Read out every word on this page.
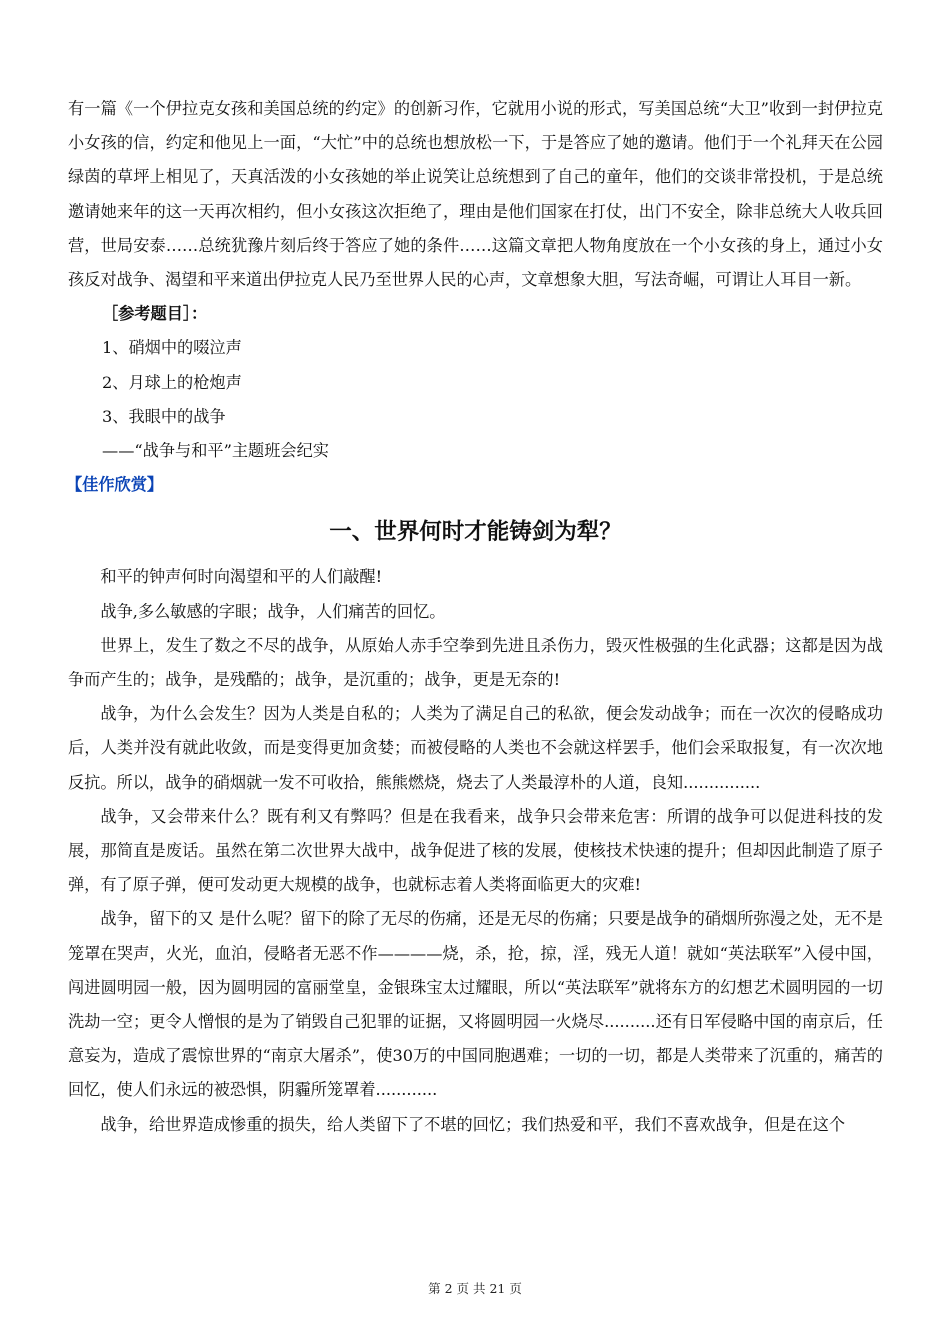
有一篇《一个伊拉克女孩和美国总统的约定》的创新习作，它就用小说的形式，写美国总统“大卫”收到一封伊拉克小女孩的信，约定和他见上一面，“大忙”中的总统也想放松一下，于是答应了她的邀请。他们于一个礼拜天在公园绿茵的草坪上相见了，天真活泼的小女孩她的举止说笑让总统想到了自己的童年，他们的交谈非常投机，于是总统邀请她来年的这一天再次相约，但小女孩这次拒绝了，理由是他们国家在打仗，出门不安全，除非总统大人收兵回营，世局安泰……总统犹豫片刻后终于答应了她的条件……这篇文章把人物角度放在一个小女孩的身上，通过小女孩反对战争、渴望和平来道出伊拉克人民乃至世界人民的心声，文章想象大胆，写法奇崛，可谓让人耳目一新。

［参考题目］：

1、硝烟中的啜泣声

2、月球上的枪炮声

3、我眼中的战争

——“战争与和平”主题班会纪实

【佳作欣赏】

一、世界何时才能铸剑为犁？

和平的钟声何时向渴望和平的人们敲醒!

战争,多么敏感的字眼；战争，人们痛苦的回忆。

世界上，发生了数之不尽的战争，从原始人赤手空拳到先进且杀伤力，毁灭性极强的生化武器；这都是因为战争而产生的；战争，是残酷的；战争，是沉重的；战争，更是无奈的!

战争，为什么会发生？因为人类是自私的；人类为了满足自己的私欲，便会发动战争；而在一次次的侵略成功后，人类并没有就此收敛，而是变得更加贪婪；而被侵略的人类也不会就这样罢手，他们会采取报复，有一次次地反抗。所以，战争的硝烟就一发不可收拾，熊熊燃烧，烧去了人类最淳朴的人道，良知...............

战争，又会带来什么？既有利又有弊吗？但是在我看来，战争只会带来危害：所谓的战争可以促进科技的发展，那简直是废话。虽然在第二次世界大战中，战争促进了核的发展，使核技术快速的提升；但却因此制造了原子弹，有了原子弹，便可发动更大规模的战争，也就标志着人类将面临更大的灾难!

战争，留下的又 是什么呢？留下的除了无尽的伤痛，还是无尽的伤痛；只要是战争的硝烟所弥漫之处，无不是笼罩在哭声，火光，血泊，侵略者无恶不作————烧，杀，抢，掠，淫，残无人道！就如“英法联军”入侵中国，闯进圆明园一般，因为圆明园的富丽堂皇，金银珠宝太过耀眼，所以“英法联军”就将东方的幻想艺术圆明园的一切洗劫一空；更令人憎恨的是为了销毁自己犯罪的证据，又将圆明园一火烧尽..........还有日军侵略中国的南京后，任意妄为，造成了震惊世界的“南京大屠杀”，使30万的中国同胞遇难；一切的一切，都是人类带来了沉重的，痛苦的回忆，使人们永远的被恐惧，阴霾所笼罩着............

战争，给世界造成惨重的损失，给人类留下了不堪的回忆；我们热爱和平，我们不喜欢战争，但是在这个

第 2 页 共 21 页
